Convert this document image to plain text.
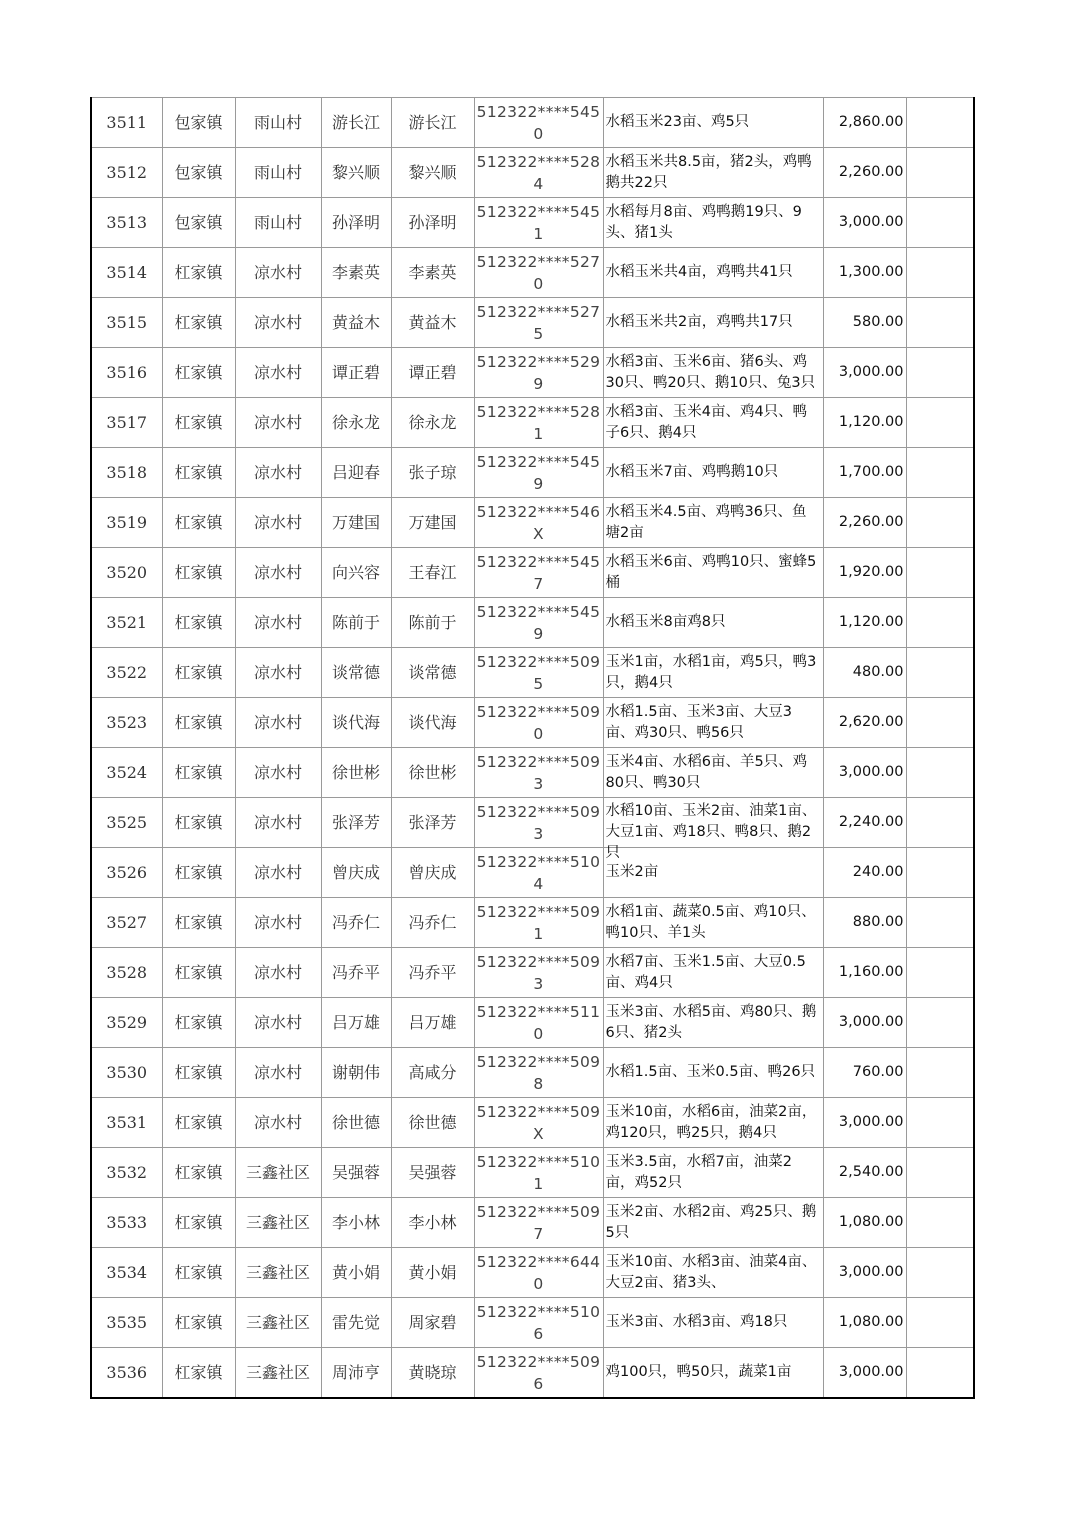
3511	包家镇	雨山村	游长江	游长江	512322****5450	水稻玉米23亩、鸡5只	2,860.00	
3512	包家镇	雨山村	黎兴顺	黎兴顺	512322****5284	水稻玉米共8.5亩，猪2头，鸡鸭鹅共22只	2,260.00	
3513	包家镇	雨山村	孙泽明	孙泽明	512322****5451	水稻每月8亩、鸡鸭鹅19只、9头、猪1头	3,000.00	
3514	杠家镇	凉水村	李素英	李素英	512322****5270	水稻玉米共4亩，鸡鸭共41只	1,300.00	
3515	杠家镇	凉水村	黄益木	黄益木	512322****5275	水稻玉米共2亩，鸡鸭共17只	580.00	
3516	杠家镇	凉水村	谭正碧	谭正碧	512322****5299	水稻3亩、玉米6亩、猪6头、鸡30只、鸭20只、鹅10只、兔3只	3,000.00	
3517	杠家镇	凉水村	徐永龙	徐永龙	512322****5281	水稻3亩、玉米4亩、鸡4只、鸭子6只、鹅4只	1,120.00	
3518	杠家镇	凉水村	吕迎春	张子琼	512322****5459	水稻玉米7亩、鸡鸭鹅10只	1,700.00	
3519	杠家镇	凉水村	万建国	万建国	512322****546X	水稻玉米4.5亩、鸡鸭36只、鱼塘2亩	2,260.00	
3520	杠家镇	凉水村	向兴容	王春江	512322****5457	水稻玉米6亩、鸡鸭10只、蜜蜂5桶	1,920.00	
3521	杠家镇	凉水村	陈前于	陈前于	512322****5459	水稻玉米8亩鸡8只	1,120.00	
3522	杠家镇	凉水村	谈常德	谈常德	512322****5095	玉米1亩，水稻1亩，鸡5只，鸭3只，鹅4只	480.00	
3523	杠家镇	凉水村	谈代海	谈代海	512322****5090	水稻1.5亩、玉米3亩、大豆3亩、鸡30只、鸭56只	2,620.00	
3524	杠家镇	凉水村	徐世彬	徐世彬	512322****5093	玉米4亩、水稻6亩、羊5只、鸡80只、鸭30只	3,000.00	
3525	杠家镇	凉水村	张泽芳	张泽芳	512322****5093	水稻10亩、玉米2亩、油菜1亩、大豆1亩、鸡18只、鸭8只、鹅2只	2,240.00	
3526	杠家镇	凉水村	曾庆成	曾庆成	512322****5104	玉米2亩	240.00	
3527	杠家镇	凉水村	冯乔仁	冯乔仁	512322****5091	水稻1亩、蔬菜0.5亩、鸡10只、鸭10只、羊1头	880.00	
3528	杠家镇	凉水村	冯乔平	冯乔平	512322****5093	水稻7亩、玉米1.5亩、大豆0.5亩、鸡4只	1,160.00	
3529	杠家镇	凉水村	吕万雄	吕万雄	512322****5110	玉米3亩、水稻5亩、鸡80只、鹅6只、猪2头	3,000.00	
3530	杠家镇	凉水村	谢朝伟	高咸分	512322****5098	水稻1.5亩、玉米0.5亩、鸭26只	760.00	
3531	杠家镇	凉水村	徐世德	徐世德	512322****509X	玉米10亩，水稻6亩，油菜2亩，鸡120只，鸭25只，鹅4只	3,000.00	
3532	杠家镇	三鑫社区	吴强蓉	吴强蓉	512322****5101	玉米3.5亩，水稻7亩，油菜2亩，鸡52只	2,540.00	
3533	杠家镇	三鑫社区	李小林	李小林	512322****5097	玉米2亩、水稻2亩、鸡25只、鹅5只	1,080.00	
3534	杠家镇	三鑫社区	黄小娟	黄小娟	512322****6440	玉米10亩、水稻3亩、油菜4亩、大豆2亩、猪3头、	3,000.00	
3535	杠家镇	三鑫社区	雷先觉	周家碧	512322****5106	玉米3亩、水稻3亩、鸡18只	1,080.00	
3536	杠家镇	三鑫社区	周沛亨	黄晓琼	512322****5096	鸡100只，鸭50只，蔬菜1亩	3,000.00	
